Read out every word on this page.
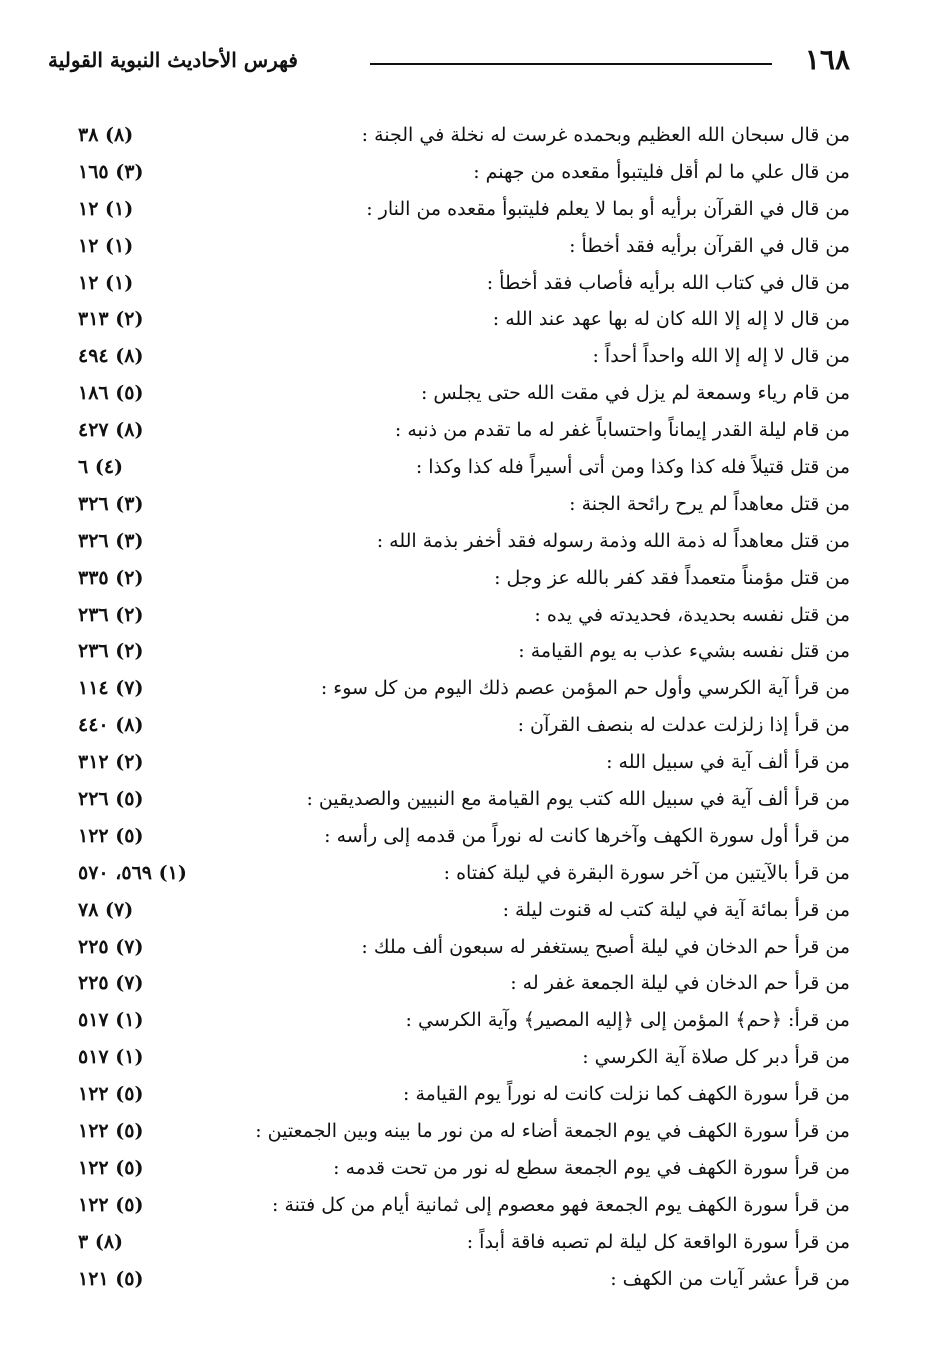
١٦٨
فهرس الأحاديث النبوية القولية
من قال سبحان الله العظيم وبحمده غرست له نخلة في الجنة :
(٨) ٣٨
من قال علي ما لم أقل فليتبوأ مقعده من جهنم :
(٣) ١٦٥
من قال في القرآن برأيه أو بما لا يعلم فليتبوأ مقعده من النار :
(١) ١٢
من قال في القرآن برأيه فقد أخطأ :
(١) ١٢
من قال في كتاب الله برأيه فأصاب فقد أخطأ :
(١) ١٢
من قال لا إله إلا الله كان له بها عهد عند الله :
(٢) ٣١٣
من قال لا إله إلا الله واحداً أحداً :
(٨) ٤٩٤
من قام رياء وسمعة لم يزل في مقت الله حتى يجلس :
(٥) ١٨٦
من قام ليلة القدر إيماناً واحتساباً غفر له ما تقدم من ذنبه :
(٨) ٤٢٧
من قتل قتيلاً فله كذا وكذا ومن أتى أسيراً فله كذا وكذا :
(٤) ٦
من قتل معاهداً لم يرح رائحة الجنة :
(٣) ٣٢٦
من قتل معاهداً له ذمة الله وذمة رسوله فقد أخفر بذمة الله :
(٣) ٣٢٦
من قتل مؤمناً متعمداً فقد كفر بالله عز وجل :
(٢) ٣٣٥
من قتل نفسه بحديدة، فحديدته في يده :
(٢) ٢٣٦
من قتل نفسه بشيء عذب به يوم القيامة :
(٢) ٢٣٦
من قرأ آية الكرسي وأول حم المؤمن عصم ذلك اليوم من كل سوء :
(٧) ١١٤
من قرأ إذا زلزلت عدلت له بنصف القرآن :
(٨) ٤٤٠
من قرأ ألف آية في سبيل الله :
(٢) ٣١٢
من قرأ ألف آية في سبيل الله كتب يوم القيامة مع النبيين والصديقين :
(٥) ٢٢٦
من قرأ أول سورة الكهف وآخرها كانت له نوراً من قدمه إلى رأسه :
(٥) ١٢٢
من قرأ بالآيتين من آخر سورة البقرة في ليلة كفتاه :
(١) ٥٦٩، ٥٧٠
من قرأ بمائة آية في ليلة كتب له قنوت ليلة :
(٧) ٧٨
من قرأ حم الدخان في ليلة أصبح يستغفر له سبعون ألف ملك :
(٧) ٢٢٥
من قرأ حم الدخان في ليلة الجمعة غفر له :
(٧) ٢٢٥
من قرأ: ﴿حم﴾ المؤمن إلى ﴿إليه المصير﴾ وآية الكرسي :
(١) ٥١٧
من قرأ دبر كل صلاة آية الكرسي :
(١) ٥١٧
من قرأ سورة الكهف كما نزلت كانت له نوراً يوم القيامة :
(٥) ١٢٢
من قرأ سورة الكهف في يوم الجمعة أضاء له من نور ما بينه وبين الجمعتين :
(٥) ١٢٢
من قرأ سورة الكهف في يوم الجمعة سطع له نور من تحت قدمه :
(٥) ١٢٢
من قرأ سورة الكهف يوم الجمعة فهو معصوم إلى ثمانية أيام من كل فتنة :
(٥) ١٢٢
من قرأ سورة الواقعة كل ليلة لم تصبه فاقة أبداً :
(٨) ٣
من قرأ عشر آيات من الكهف :
(٥) ١٢١
